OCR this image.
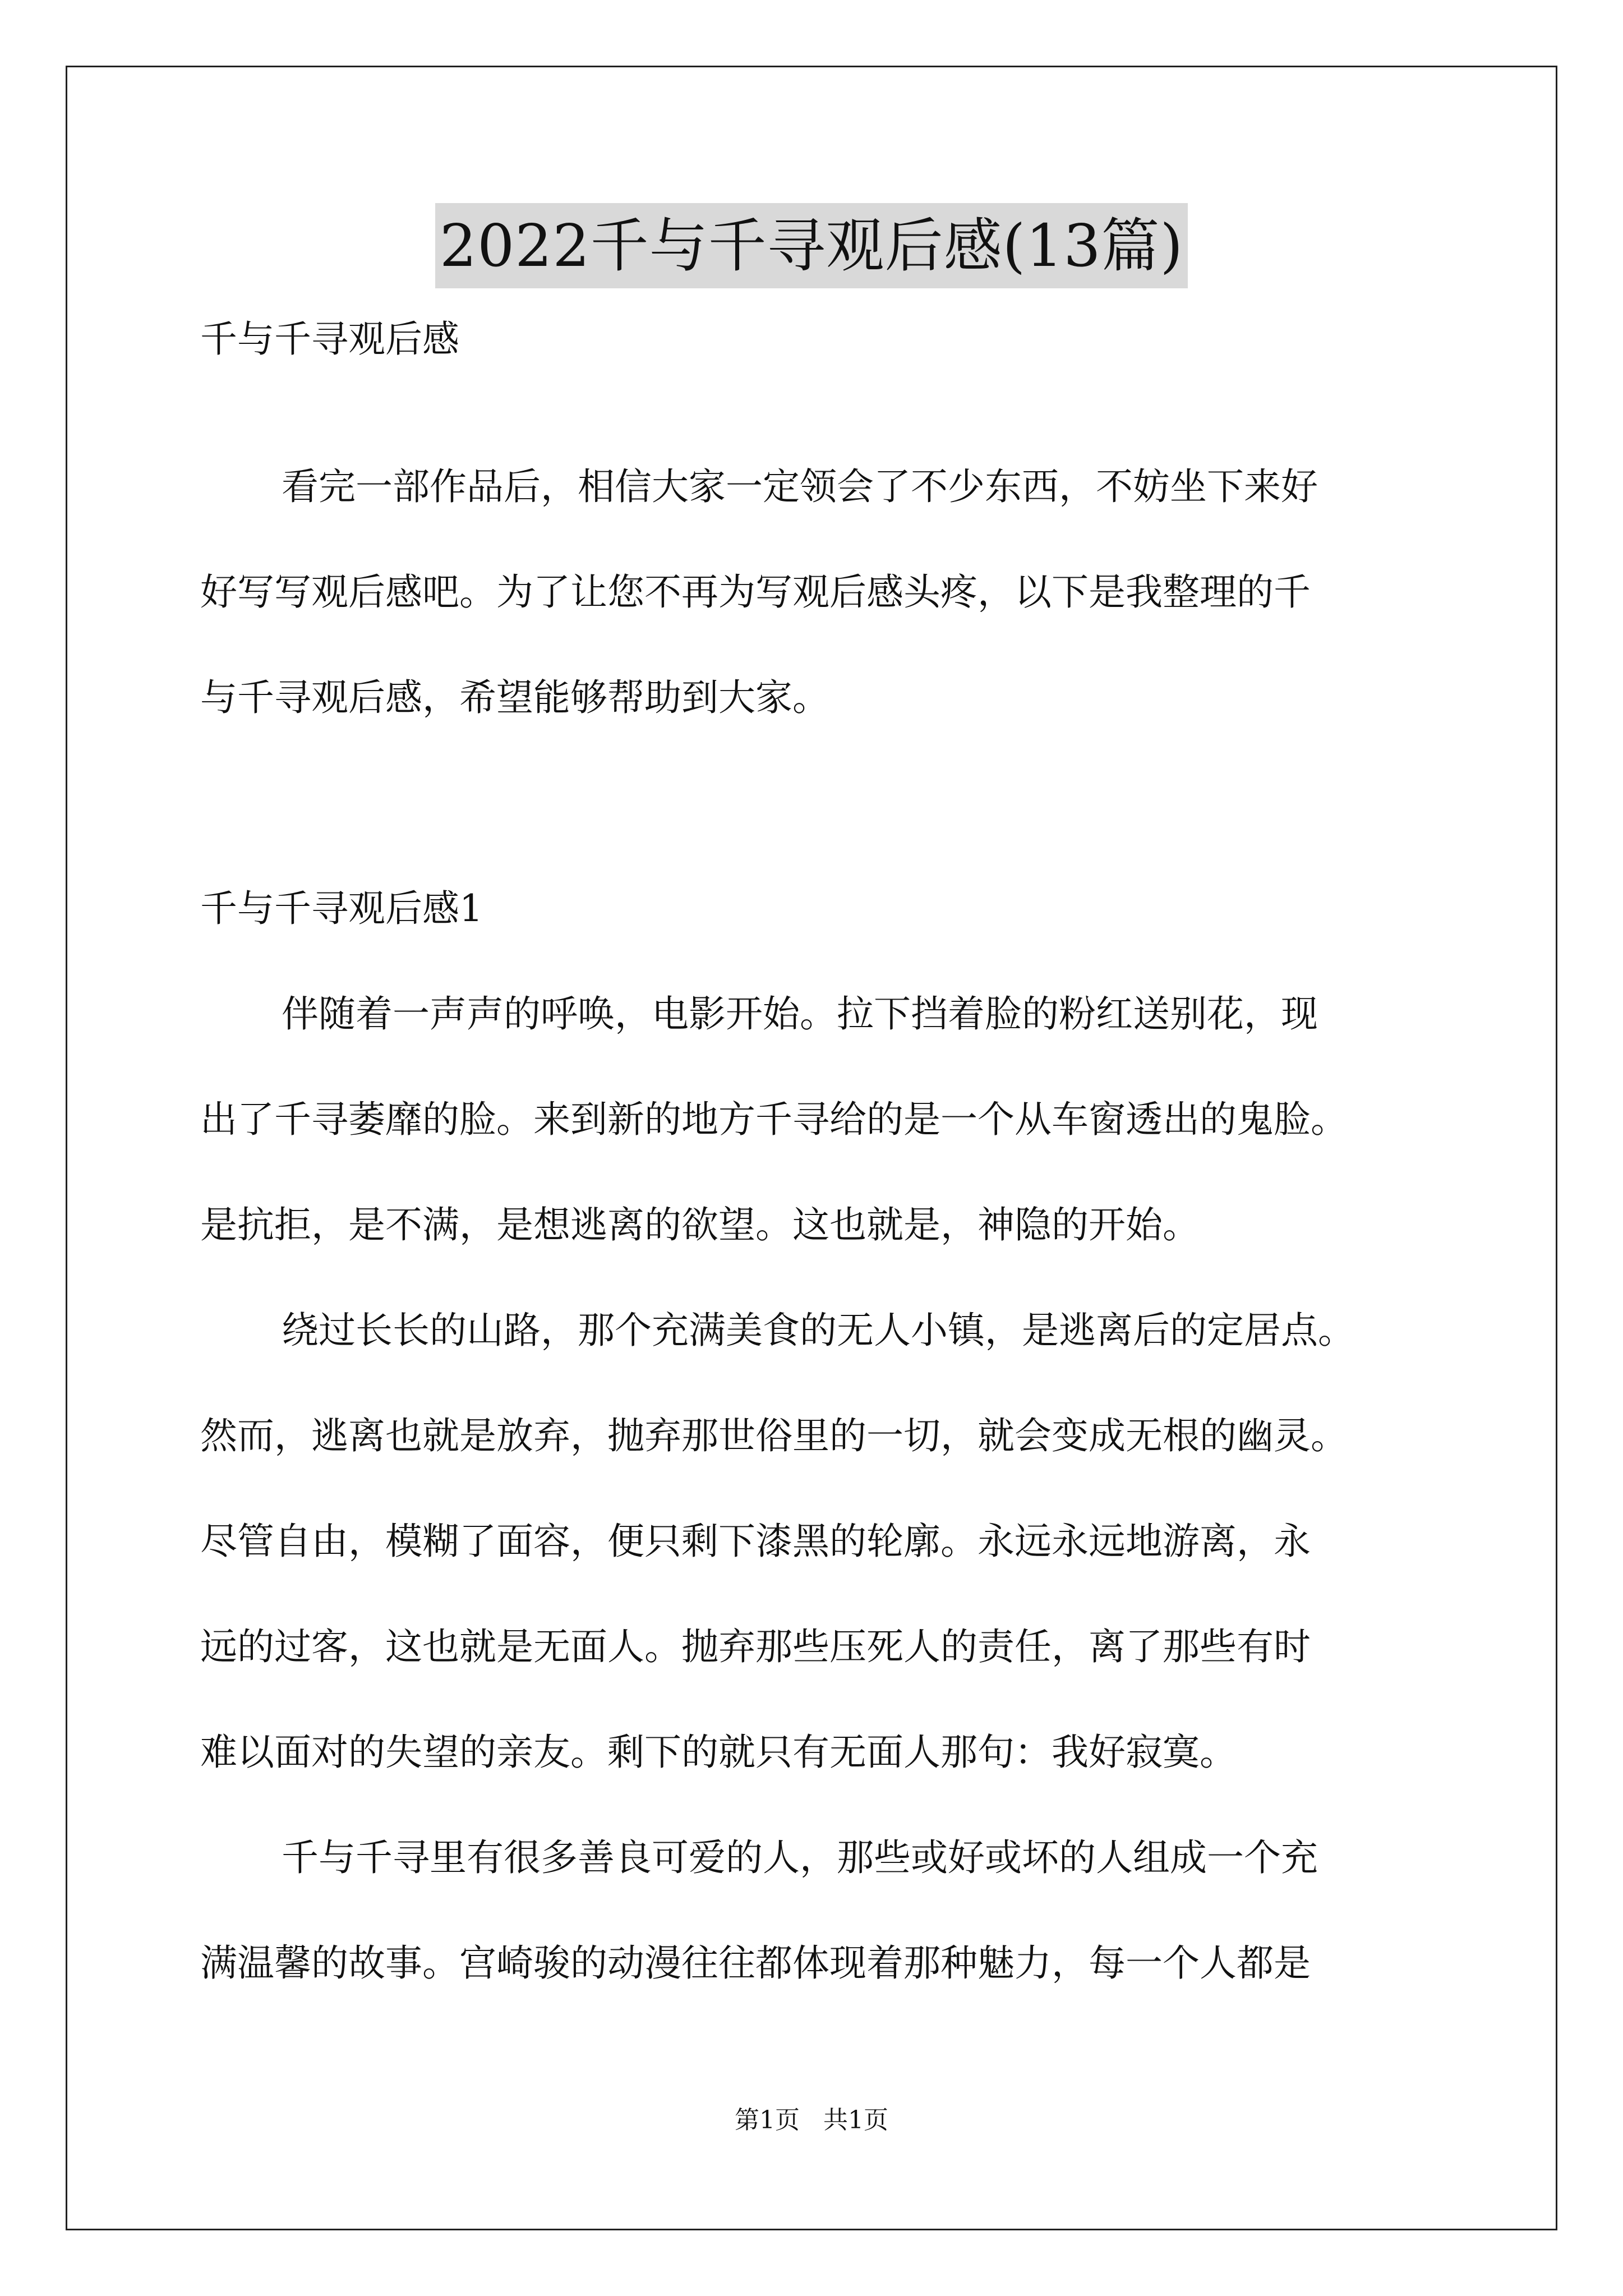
2022千与千寻观后感(13篇)
千与千寻观后感
看完一部作品后，相信大家一定领会了不少东西，不妨坐下来好
好写写观后感吧。为了让您不再为写观后感头疼，以下是我整理的千
与千寻观后感，希望能够帮助到大家。
千与千寻观后感1
伴随着一声声的呼唤，电影开始。拉下挡着脸的粉红送别花，现
出了千寻萎靡的脸。来到新的地方千寻给的是一个从车窗透出的鬼脸。
是抗拒，是不满，是想逃离的欲望。这也就是，神隐的开始。
绕过长长的山路，那个充满美食的无人小镇，是逃离后的定居点。
然而，逃离也就是放弃，抛弃那世俗里的一切，就会变成无根的幽灵。
尽管自由，模糊了面容，便只剩下漆黑的轮廓。永远永远地游离，永
远的过客，这也就是无面人。抛弃那些压死人的责任，离了那些有时
难以面对的失望的亲友。剩下的就只有无面人那句：我好寂寞。
千与千寻里有很多善良可爱的人，那些或好或坏的人组成一个充
满温馨的故事。宫崎骏的动漫往往都体现着那种魅力，每一个人都是
第1页 共1页
